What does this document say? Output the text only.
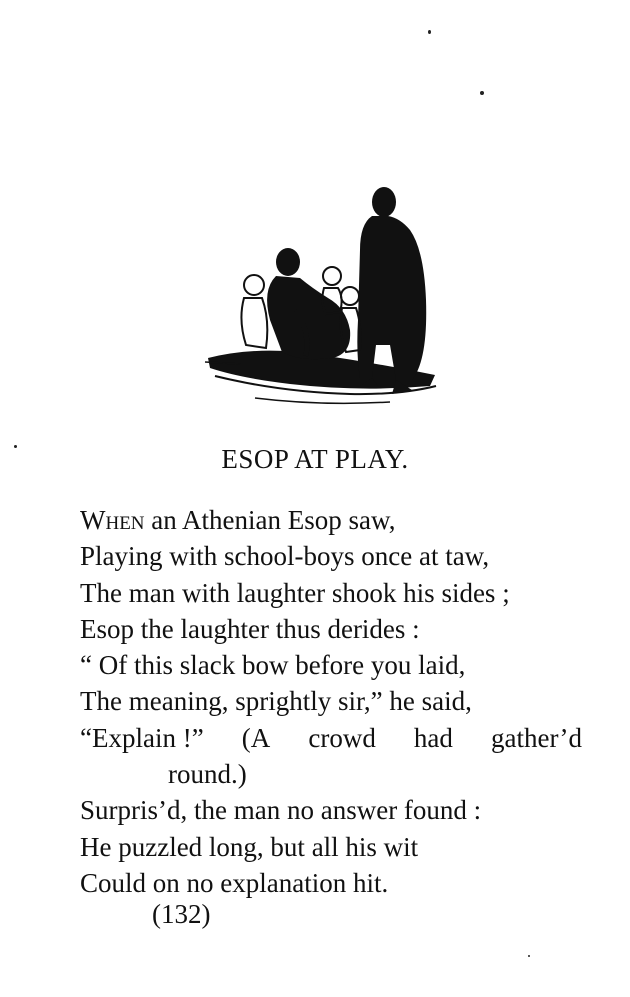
ESOP AT PLAY.
When an Athenian Esop saw,
Playing with school-boys once at taw,
The man with laughter shook his sides ;
Esop the laughter thus derides :
“ Of this slack bow before you laid,
The meaning, sprightly sir,” he said,
“Explain !” (A crowd had gather’d
round.)
Surpris’d, the man no answer found :
He puzzled long, but all his wit
Could on no explanation hit.
(132)
